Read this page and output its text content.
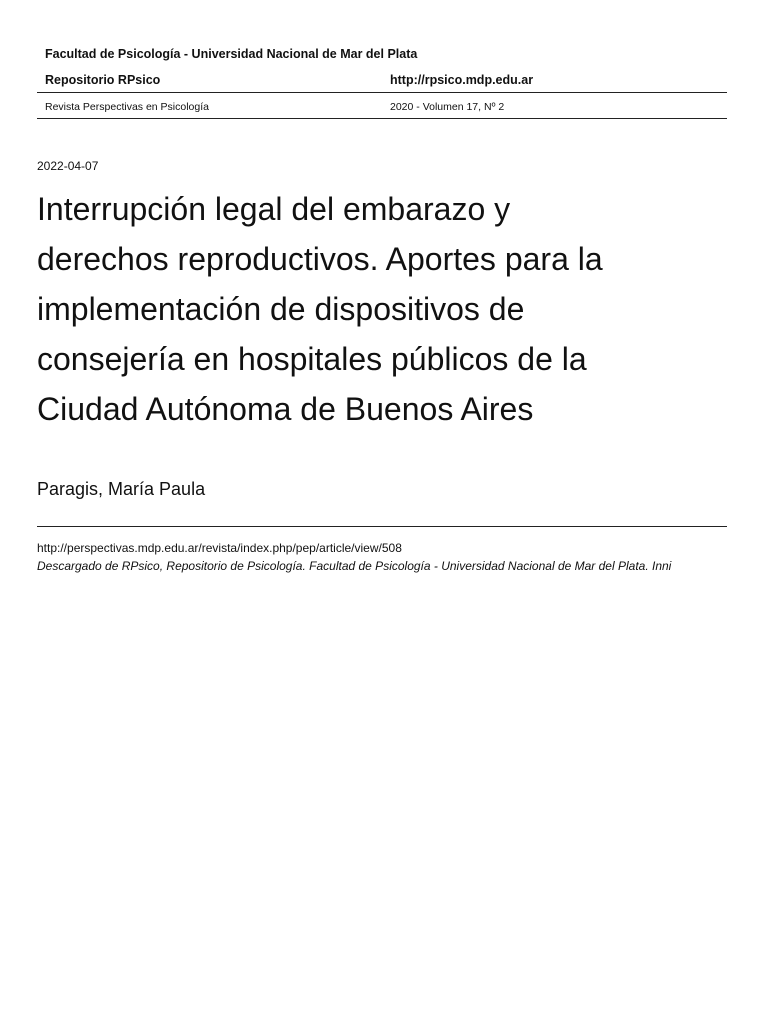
Facultad de Psicología - Universidad Nacional de Mar del Plata
Repositorio RPsico	http://rpsico.mdp.edu.ar
Revista Perspectivas en Psicología	2020 - Volumen 17, Nº 2
2022-04-07
Interrupción legal del embarazo y
derechos reproductivos. Aportes para la
implementación de dispositivos de
consejería en hospitales públicos de la
Ciudad Autónoma de Buenos Aires
Paragis, María Paula
http://perspectivas.mdp.edu.ar/revista/index.php/pep/article/view/508
Descargado de RPsico, Repositorio de Psicología. Facultad de Psicología - Universidad Nacional de Mar del Plata. Inni
